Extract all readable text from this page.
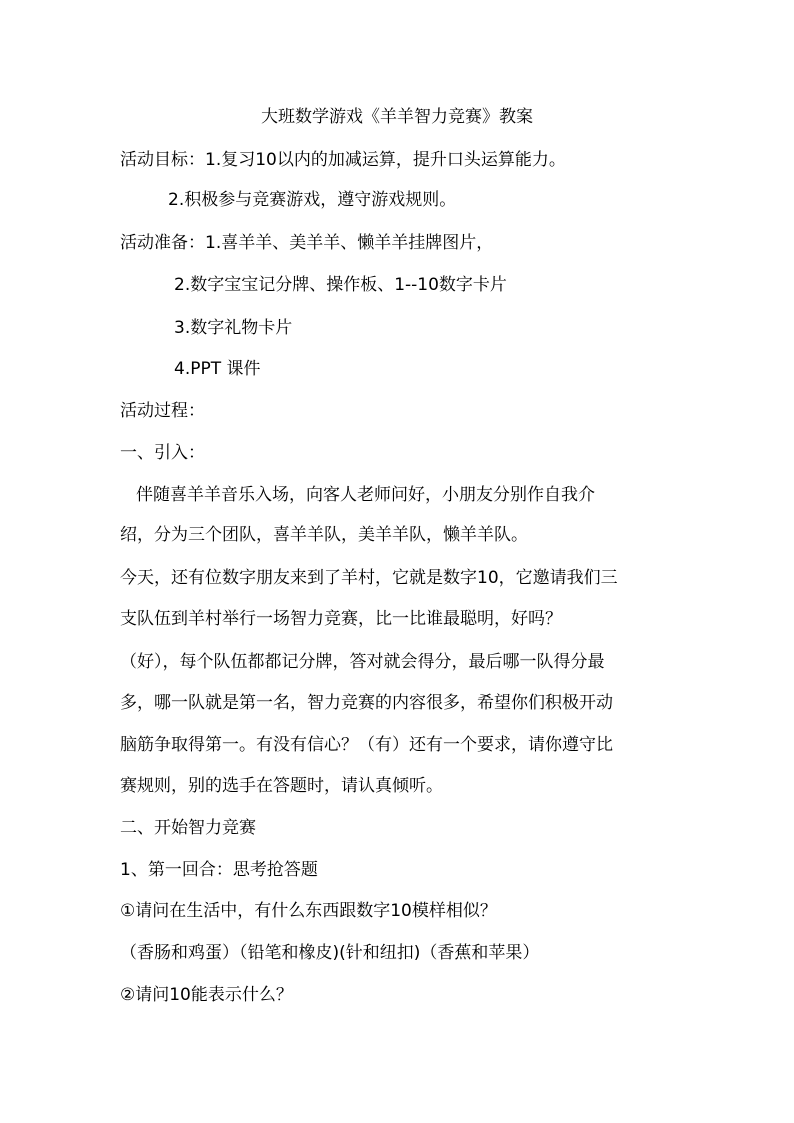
大班数学游戏《羊羊智力竞赛》教案
活动目标：1.复习10以内的加减运算，提升口头运算能力。
2.积极参与竞赛游戏，遵守游戏规则。
活动准备：1.喜羊羊、美羊羊、懒羊羊挂牌图片，
2.数字宝宝记分牌、操作板、1--10数字卡片
3.数字礼物卡片
4.PPT 课件
活动过程：
一、引入：
伴随喜羊羊音乐入场，向客人老师问好，小朋友分别作自我介
绍，分为三个团队，喜羊羊队，美羊羊队，懒羊羊队。
今天，还有位数字朋友来到了羊村，它就是数字10，它邀请我们三
支队伍到羊村举行一场智力竞赛，比一比谁最聪明，好吗？
（好），每个队伍都都记分牌，答对就会得分，最后哪一队得分最
多，哪一队就是第一名，智力竞赛的内容很多，希望你们积极开动
脑筋争取得第一。有没有信心？（有）还有一个要求，请你遵守比
赛规则，别的选手在答题时，请认真倾听。
二、开始智力竞赛
1、第一回合：思考抢答题
①请问在生活中，有什么东西跟数字10模样相似？
（香肠和鸡蛋）（铅笔和橡皮)(针和纽扣)（香蕉和苹果）
②请问10能表示什么？
